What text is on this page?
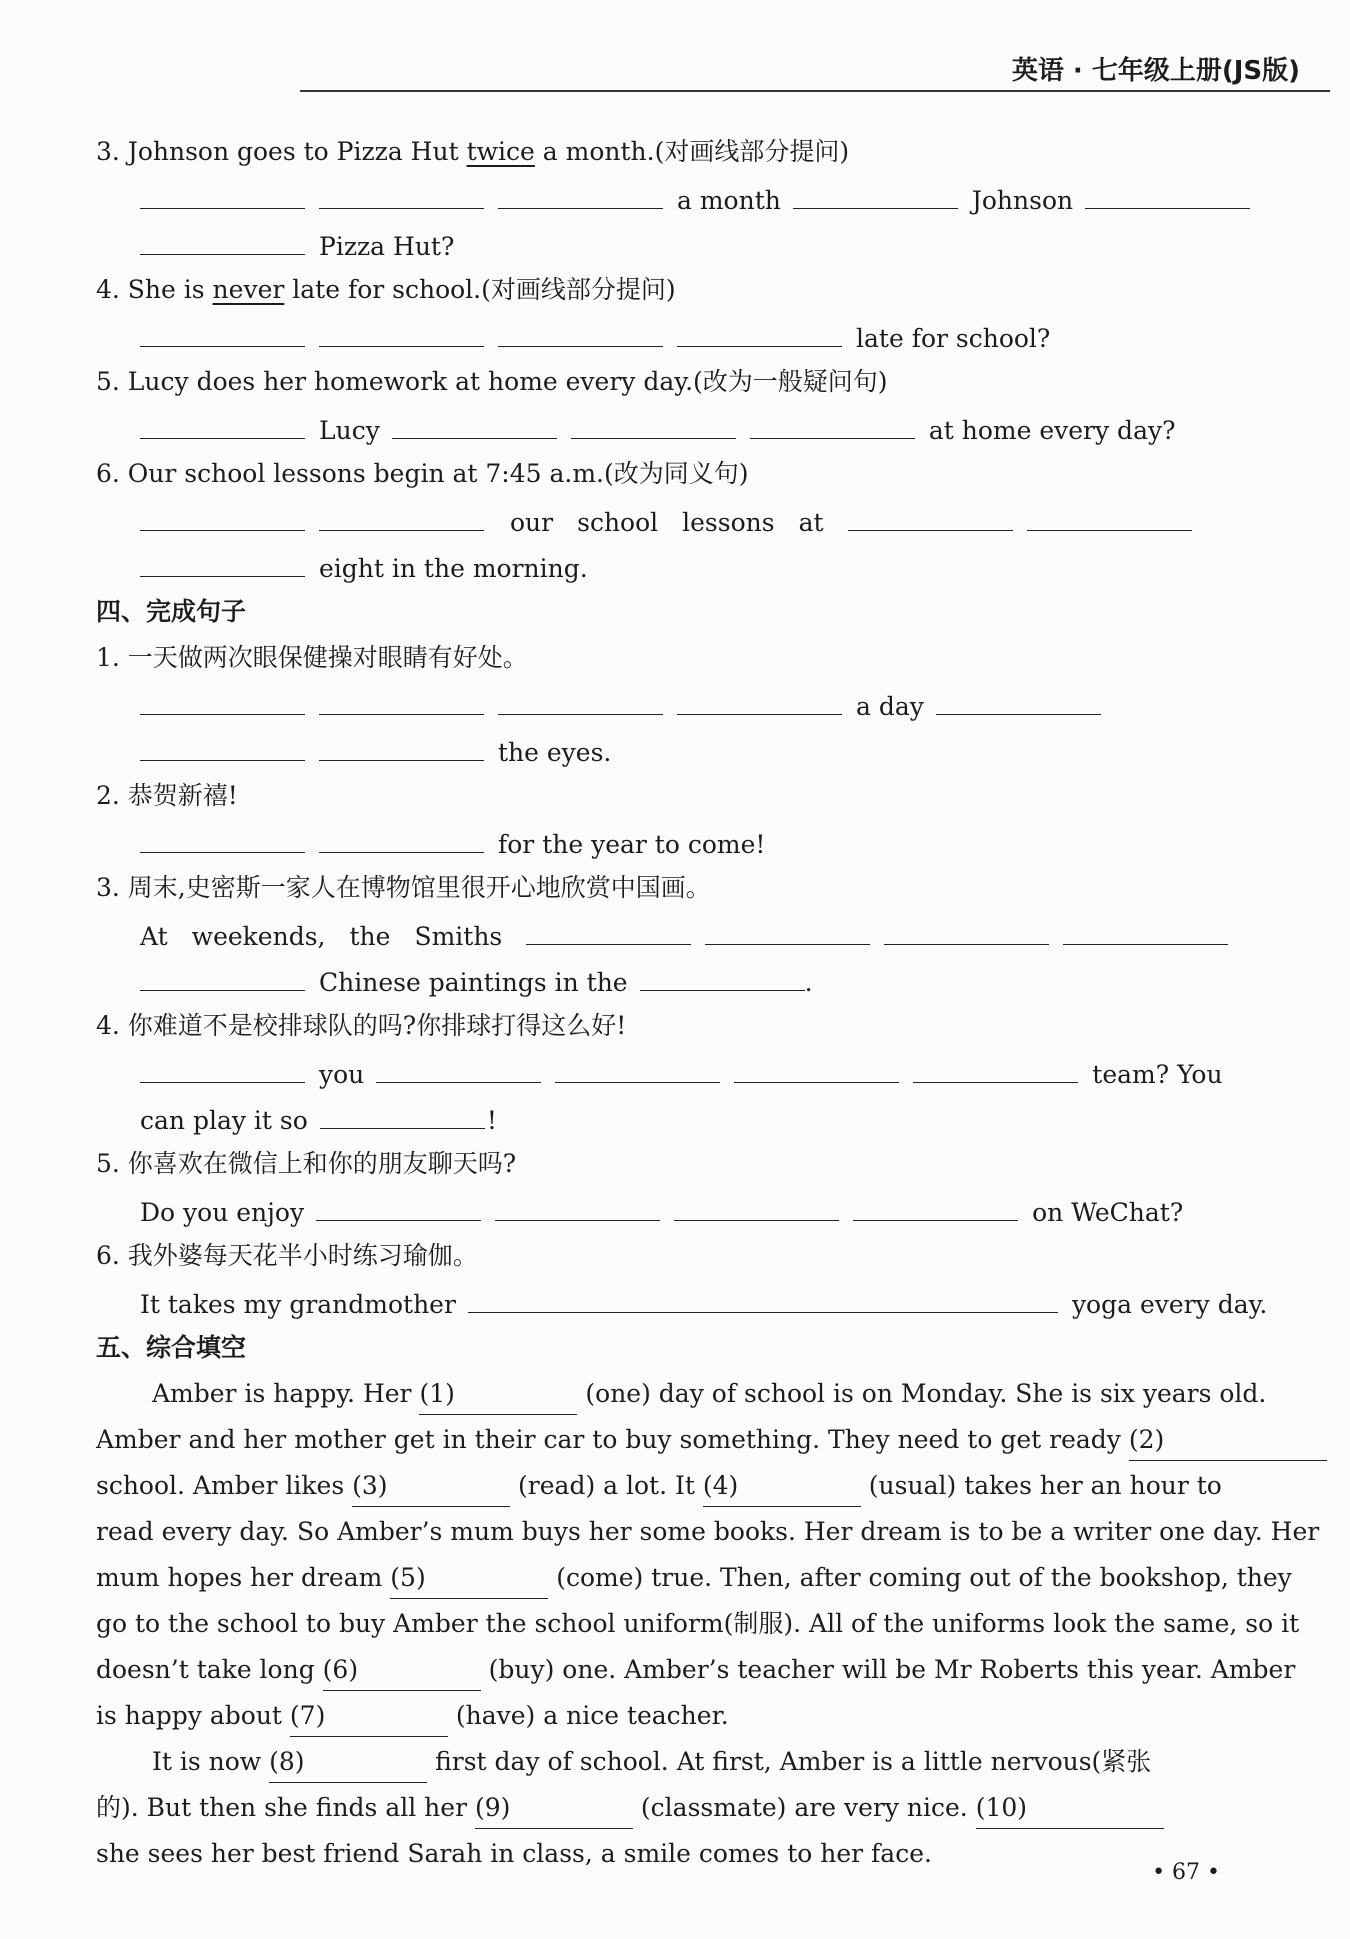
英语 · 七年级上册(JS版)
3. Johnson goes to Pizza Hut twice a month.(对画线部分提问)
a month	Johnson
Pizza Hut?
4. She is never late for school.(对画线部分提问)
late for school?
5. Lucy does her homework at home every day.(改为一般疑问句)
Lucy	at home every day?
6. Our school lessons begin at 7:45 a.m.(改为同义句)
our school lessons at
eight in the morning.
四、完成句子
1. 一天做两次眼保健操对眼睛有好处。
a day
the eyes.
2. 恭贺新禧!
for the year to come!
3. 周末,史密斯一家人在博物馆里很开心地欣赏中国画。
At weekends, the Smiths
Chinese paintings in the	.
4. 你难道不是校排球队的吗?你排球打得这么好!
you	team? You
can play it so	!
5. 你喜欢在微信上和你的朋友聊天吗?
Do you enjoy	on WeChat?
6. 我外婆每天花半小时练习瑜伽。
It takes my grandmother	yoga every day.
五、综合填空
Amber is happy. Her (1)	(one) day of school is on Monday. She is six years old.
Amber and her mother get in their car to buy something. They need to get ready (2)
school. Amber likes (3)	(read) a lot. It (4)	(usual) takes her an hour to
read every day. So Amber’s mum buys her some books. Her dream is to be a writer one day. Her
mum hopes her dream (5)	(come) true. Then, after coming out of the bookshop, they
go to the school to buy Amber the school uniform(制服). All of the uniforms look the same, so it
doesn’t take long (6)	(buy) one. Amber’s teacher will be Mr Roberts this year. Amber
is happy about (7)	(have) a nice teacher.
It is now (8)	first day of school. At first, Amber is a little nervous(紧张
的). But then she finds all her (9)	(classmate) are very nice. (10)
she sees her best friend Sarah in class, a smile comes to her face.
• 67 •
